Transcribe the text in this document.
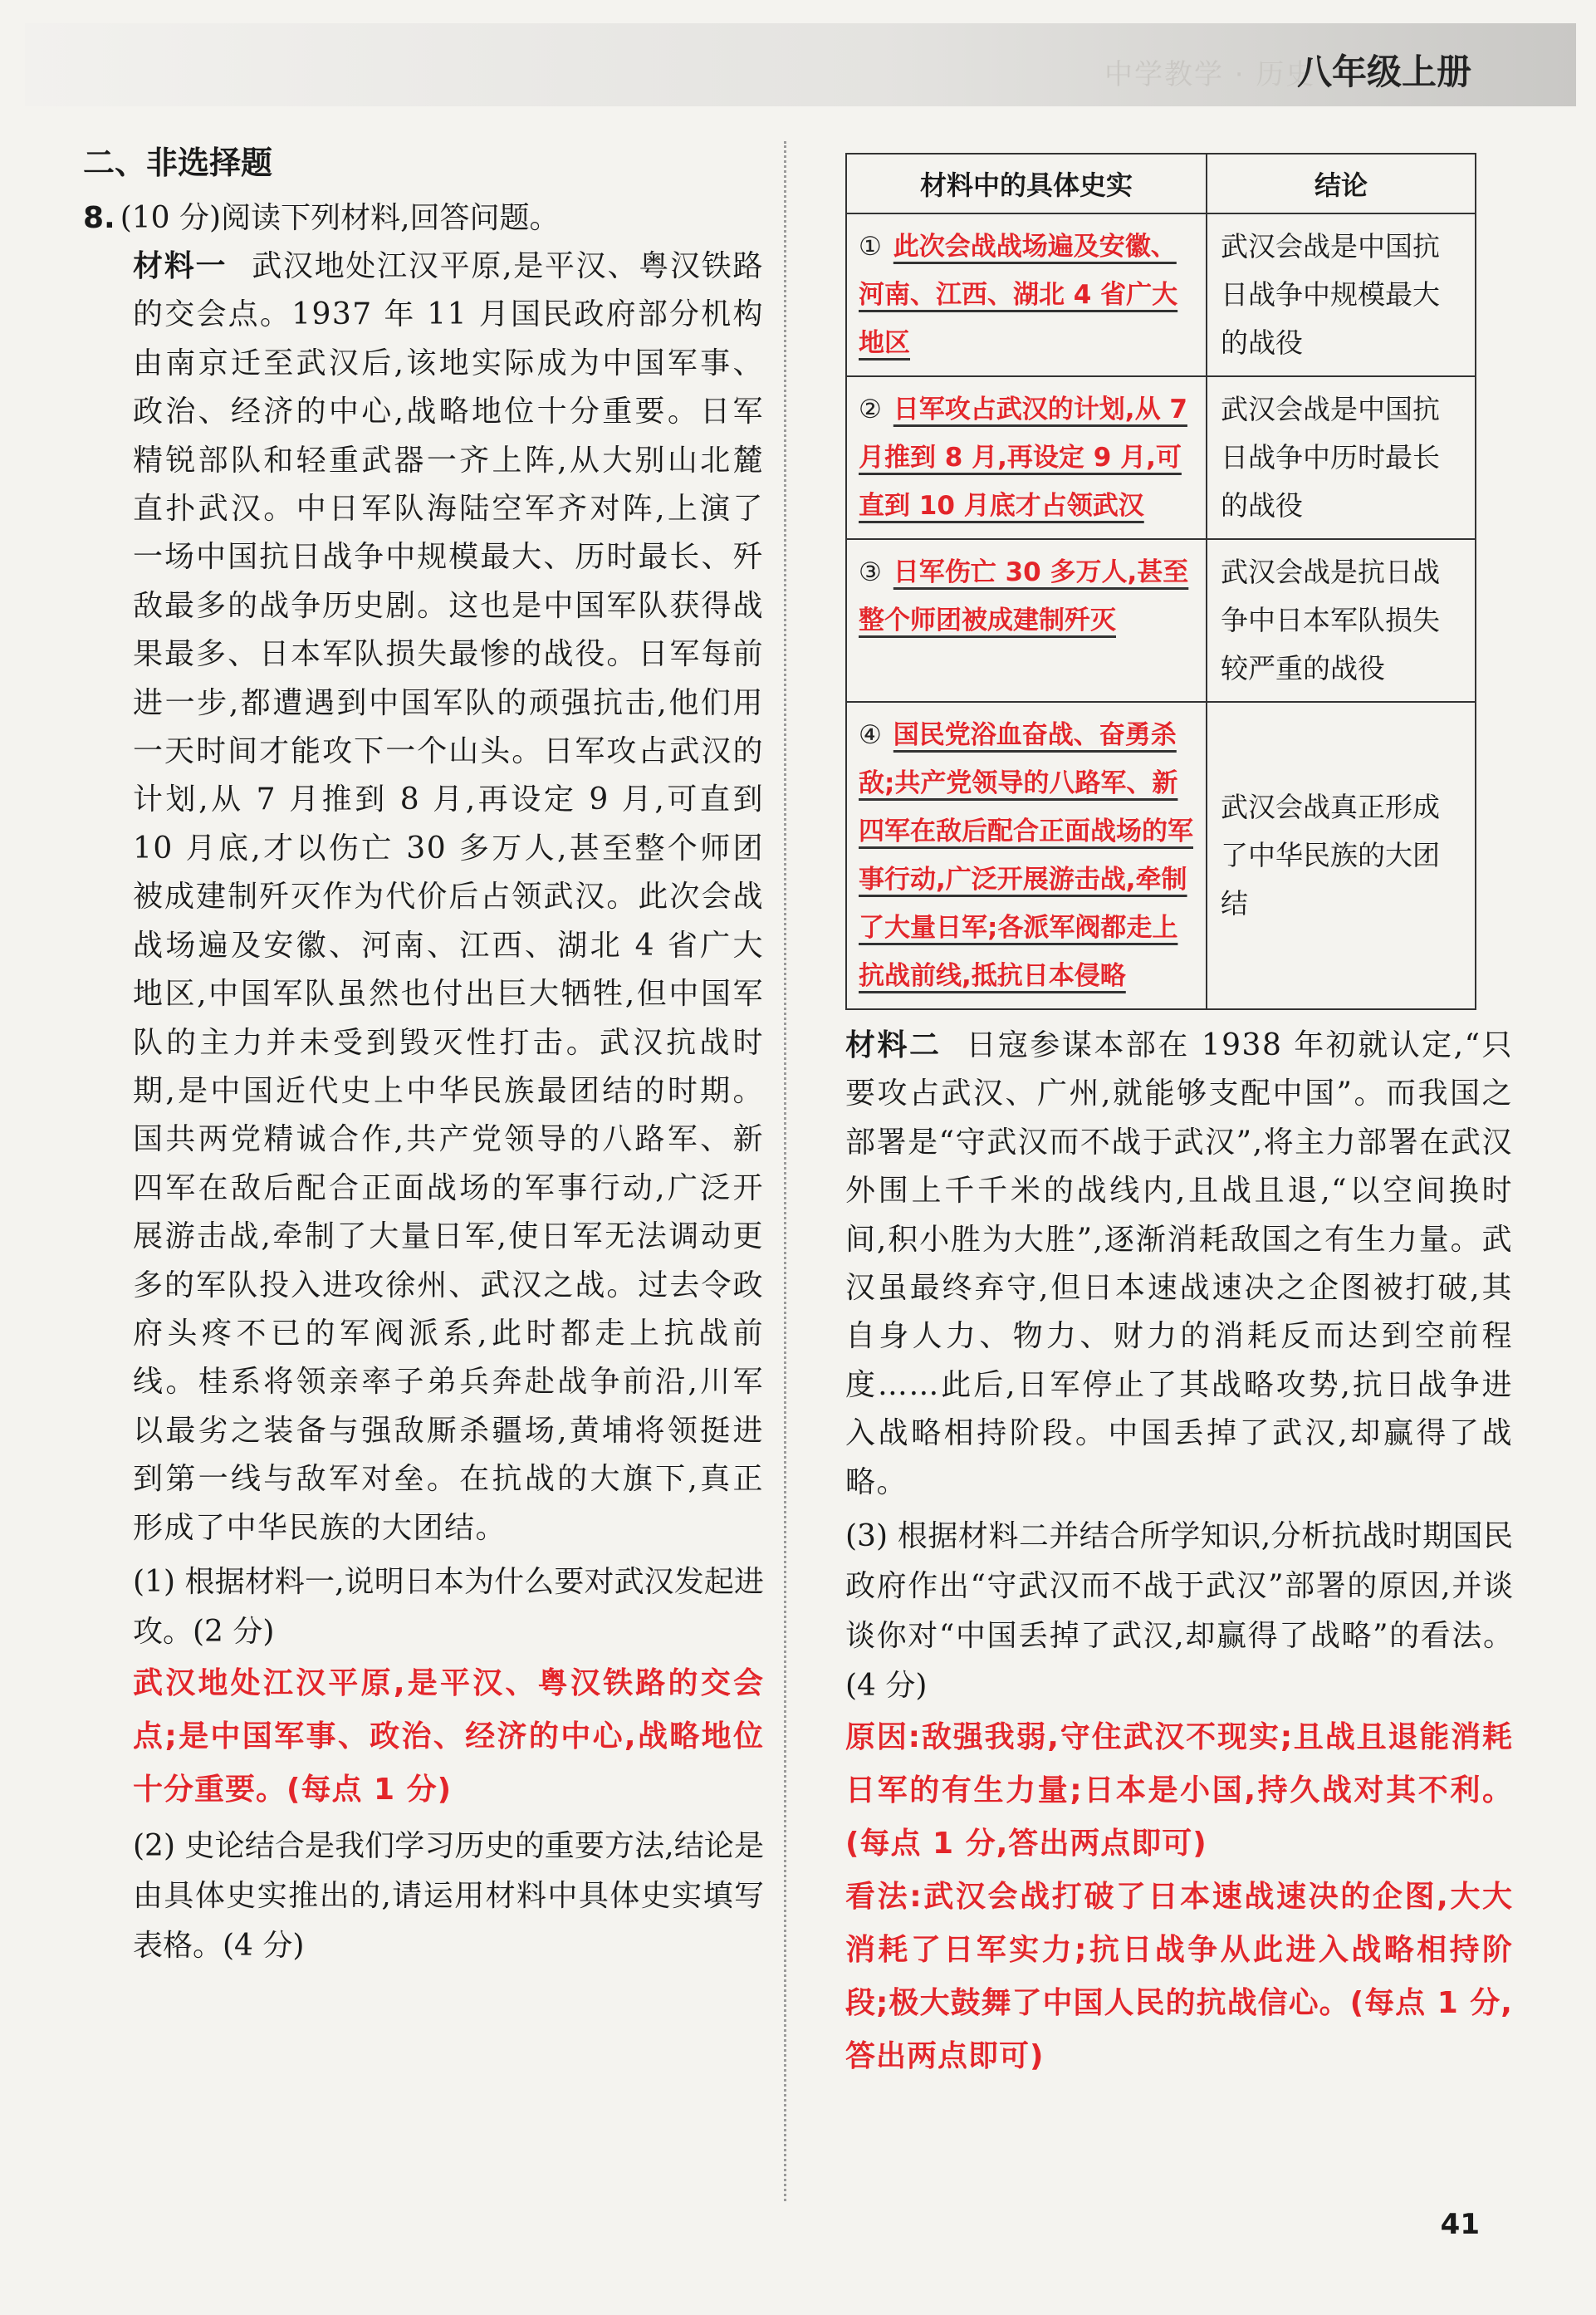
中学教学 · 历史
八年级上册
二、非选择题
8. (10 分)阅读下列材料,回答问题。

材料一 武汉地处江汉平原,是平汉、粤汉铁路的交会点。1937 年 11 月国民政府部分机构由南京迁至武汉后,该地实际成为中国军事、政治、经济的中心,战略地位十分重要。日军精锐部队和轻重武器一齐上阵,从大别山北麓直扑武汉。中日军队海陆空军齐对阵,上演了一场中国抗日战争中规模最大、历时最长、歼敌最多的战争历史剧。这也是中国军队获得战果最多、日本军队损失最惨的战役。日军每前进一步,都遭遇到中国军队的顽强抗击,他们用一天时间才能攻下一个山头。日军攻占武汉的计划,从 7 月推到 8 月,再设定 9 月,可直到 10 月底,才以伤亡 30 多万人,甚至整个师团被成建制歼灭作为代价后占领武汉。此次会战战场遍及安徽、河南、江西、湖北 4 省广大地区,中国军队虽然也付出巨大牺牲,但中国军队的主力并未受到毁灭性打击。武汉抗战时期,是中国近代史上中华民族最团结的时期。国共两党精诚合作,共产党领导的八路军、新四军在敌后配合正面战场的军事行动,广泛开展游击战,牵制了大量日军,使日军无法调动更多的军队投入进攻徐州、武汉之战。过去令政府头疼不已的军阀派系,此时都走上抗战前线。桂系将领亲率子弟兵奔赴战争前沿,川军以最劣之装备与强敌厮杀疆场,黄埔将领挺进到第一线与敌军对垒。在抗战的大旗下,真正形成了中华民族的大团结。

(1) 根据材料一,说明日本为什么要对武汉发起进攻。(2 分)

武汉地处江汉平原,是平汉、粤汉铁路的交会点;是中国军事、政治、经济的中心,战略地位十分重要。(每点 1 分)

(2) 史论结合是我们学习历史的重要方法,结论是由具体史实推出的,请运用材料中具体史实填写表格。(4 分)

材料中的具体史实	结论
① 此次会战战场遍及安徽、河南、江西、湖北 4 省广大地区	武汉会战是中国抗日战争中规模最大的战役
② 日军攻占武汉的计划,从 7 月推到 8 月,再设定 9 月,可直到 10 月底才占领武汉	武汉会战是中国抗日战争中历时最长的战役
③ 日军伤亡 30 多万人,甚至整个师团被成建制歼灭	武汉会战是抗日战争中日本军队损失较严重的战役
④ 国民党浴血奋战、奋勇杀敌;共产党领导的八路军、新四军在敌后配合正面战场的军事行动,广泛开展游击战,牵制了大量日军;各派军阀都走上抗战前线,抵抗日本侵略	武汉会战真正形成了中华民族的大团结

材料二 日寇参谋本部在 1938 年初就认定,“只要攻占武汉、广州,就能够支配中国”。而我国之部署是“守武汉而不战于武汉”,将主力部署在武汉外围上千千米的战线内,且战且退,“以空间换时间,积小胜为大胜”,逐渐消耗敌国之有生力量。武汉虽最终弃守,但日本速战速决之企图被打破,其自身人力、物力、财力的消耗反而达到空前程度……此后,日军停止了其战略攻势,抗日战争进入战略相持阶段。中国丢掉了武汉,却赢得了战略。

(3) 根据材料二并结合所学知识,分析抗战时期国民政府作出“守武汉而不战于武汉”部署的原因,并谈谈你对“中国丢掉了武汉,却赢得了战略”的看法。(4 分)

原因:敌强我弱,守住武汉不现实;且战且退能消耗日军的有生力量;日本是小国,持久战对其不利。(每点 1 分,答出两点即可)
看法:武汉会战打破了日本速战速决的企图,大大消耗了日军实力;抗日战争从此进入战略相持阶段;极大鼓舞了中国人民的抗战信心。(每点 1 分,答出两点即可)
41
